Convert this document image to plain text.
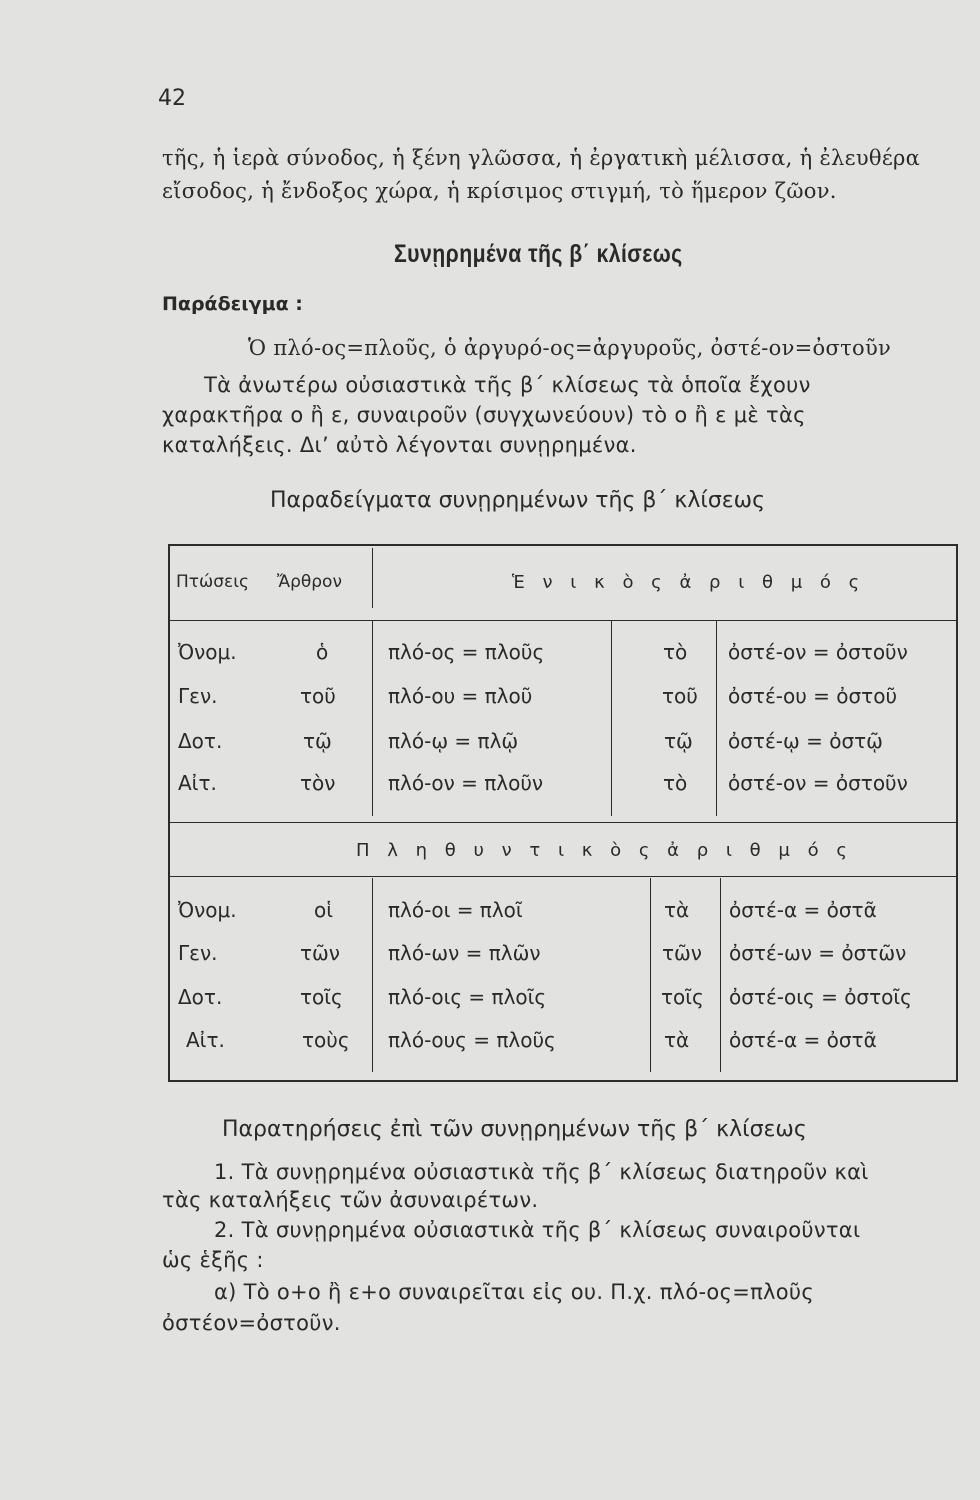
42
τῆς, ἡ ἱερὰ σύνοδος, ἡ ξένη γλῶσσα, ἡ ἐργατικὴ μέλισσα, ἡ ἐλευθέρα
εἴσοδος, ἡ ἔνδοξος χώρα, ἡ κρίσιμος στιγμή, τὸ ἥμερον ζῶον.
Συνῃρημένα τῆς β΄ κλίσεως
Παράδειγμα :
Ὁ πλό-ος=πλοῦς, ὁ ἀργυρό-ος=ἀργυροῦς, ὀστέ-ον=ὀστοῦν
Τὰ ἀνωτέρω οὐσιαστικὰ τῆς β΄ κλίσεως τὰ ὁποῖα ἔχουν
χαρακτῆρα ο ἢ ε, συναιροῦν (συγχωνεύουν) τὸ ο ἢ ε μὲ τὰς
καταλήξεις. Δι’ αὐτὸ λέγονται συνῃρημένα.
Παραδείγματα συνῃρημένων τῆς β΄ κλίσεως
Πτώσεις Ἄρθρον	Ἑ ν ι κ ὸ ς ἀ ρ ι θ μ ό ς
Ὀνομ.	ὁ	πλό-ος = πλοῦς	τὸ ὀστέ-ον = ὀστοῦν
Γεν.	τοῦ	πλό-ου = πλοῦ	τοῦ ὀστέ-ου = ὀστοῦ
Δοτ.	τῷ	πλό-ῳ = πλῷ	τῷ ὀστέ-ῳ = ὀστῷ
Αἰτ.	τὸν	πλό-ον = πλοῦν	τὸ ὀστέ-ον = ὀστοῦν
Π λ η θ υ ν τ ι κ ὸ ς ἀ ρ ι θ μ ό ς
Ὀνομ.	οἱ	πλό-οι = πλοῖ	τὰ ὀστέ-α = ὀστᾶ
Γεν.	τῶν πλό-ων = πλῶν	τῶν ὀστέ-ων = ὀστῶν
Δοτ.	τοῖς πλό-οις = πλοῖς	τοῖς ὀστέ-οις = ὀστοῖς
Αἰτ.	τοὺς πλό-ους = πλοῦς	τὰ ὀστέ-α = ὀστᾶ
Παρατηρήσεις ἐπὶ τῶν συνῃρημένων τῆς β΄ κλίσεως
1. Τὰ συνῃρημένα οὐσιαστικὰ τῆς β΄ κλίσεως διατηροῦν καὶ
τὰς καταλήξεις τῶν ἀσυναιρέτων.
2. Τὰ συνῃρημένα οὐσιαστικὰ τῆς β΄ κλίσεως συναιροῦνται
ὡς ἑξῆς :
α) Τὸ ο+ο ἢ ε+ο συναιρεῖται εἰς ου. Π.χ. πλό-ος=πλοῦς
ὀστέον=ὀστοῦν.
